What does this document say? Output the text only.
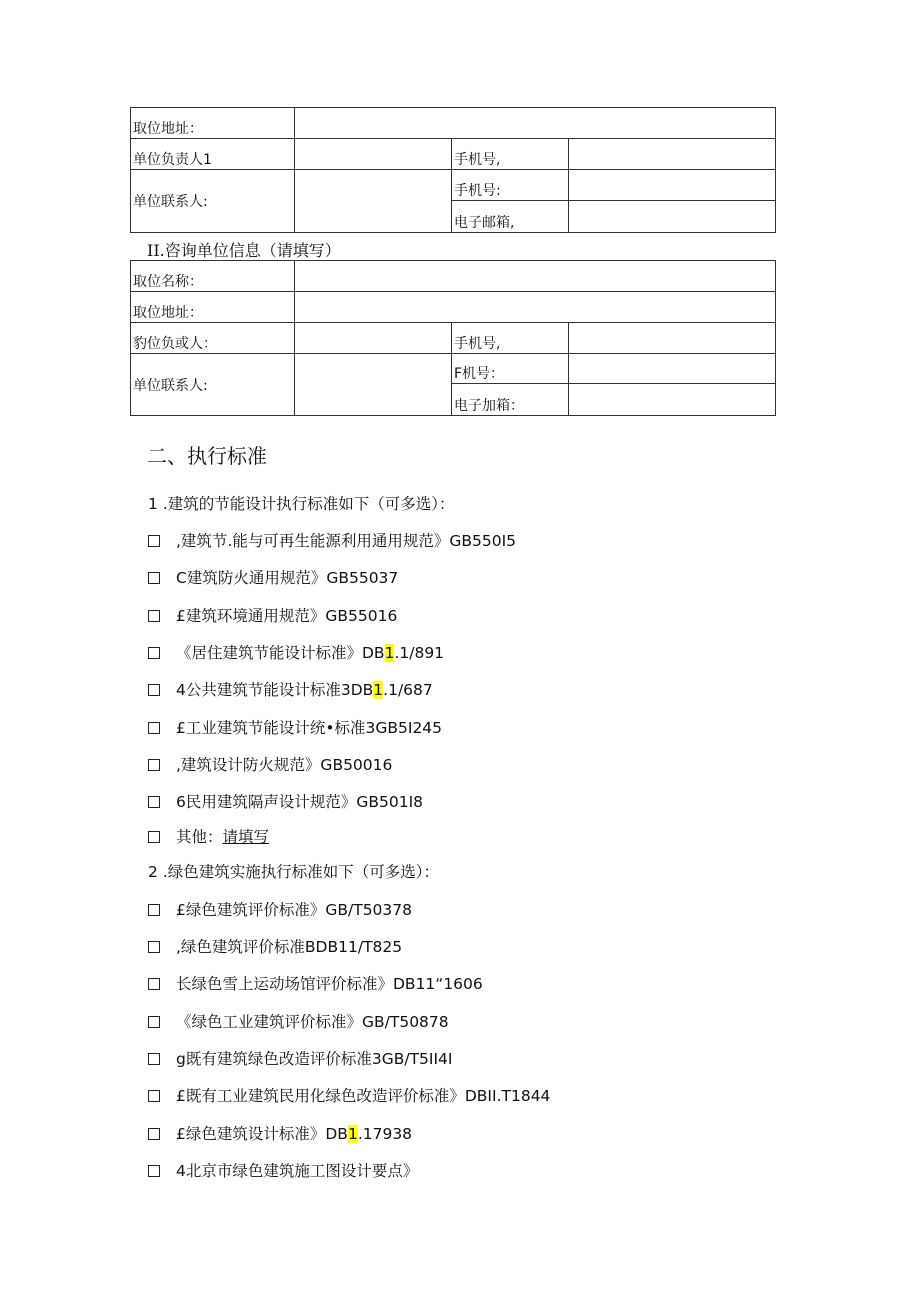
取位地址：			
单位负责人1		手机号,	
单位联系人:		手机号:	
		电子邮箱,	
II.咨询单位信息（请填写）
取位名称：			
取位地址：			
豹位负或人：		手机号,	
单位联系人:		F机号：	
		电子加箱：	
二、执行标准
1 .建筑的节能设计执行标准如下（可多选）：
,建筑节.能与可再生能源利用通用规范》GB550I5
C建筑防火通用规范》GB55037
£建筑环境通用规范》GB55016
《居住建筑节能设计标准》DB1.1/891
4公共建筑节能设计标准3DB1.1/687
£工业建筑节能设计统•标准3GB5I245
,建筑设计防火规范》GB50016
6民用建筑隔声设计规范》GB501I8
其他：请填写
2 .绿色建筑实施执行标准如下（可多选）：
£绿色建筑评价标准》GB/T50378
,绿色建筑评价标准BDB11/T825
长绿色雪上运动场馆评价标准》DB11“1606
《绿色工业建筑评价标准》GB/T50878
g既有建筑绿色改造评价标准3GB/T5II4I
£既有工业建筑民用化绿色改造评价标准》DBII.T1844
£绿色建筑设计标准》DB1.17938
4北京市绿色建筑施工图设计要点》
